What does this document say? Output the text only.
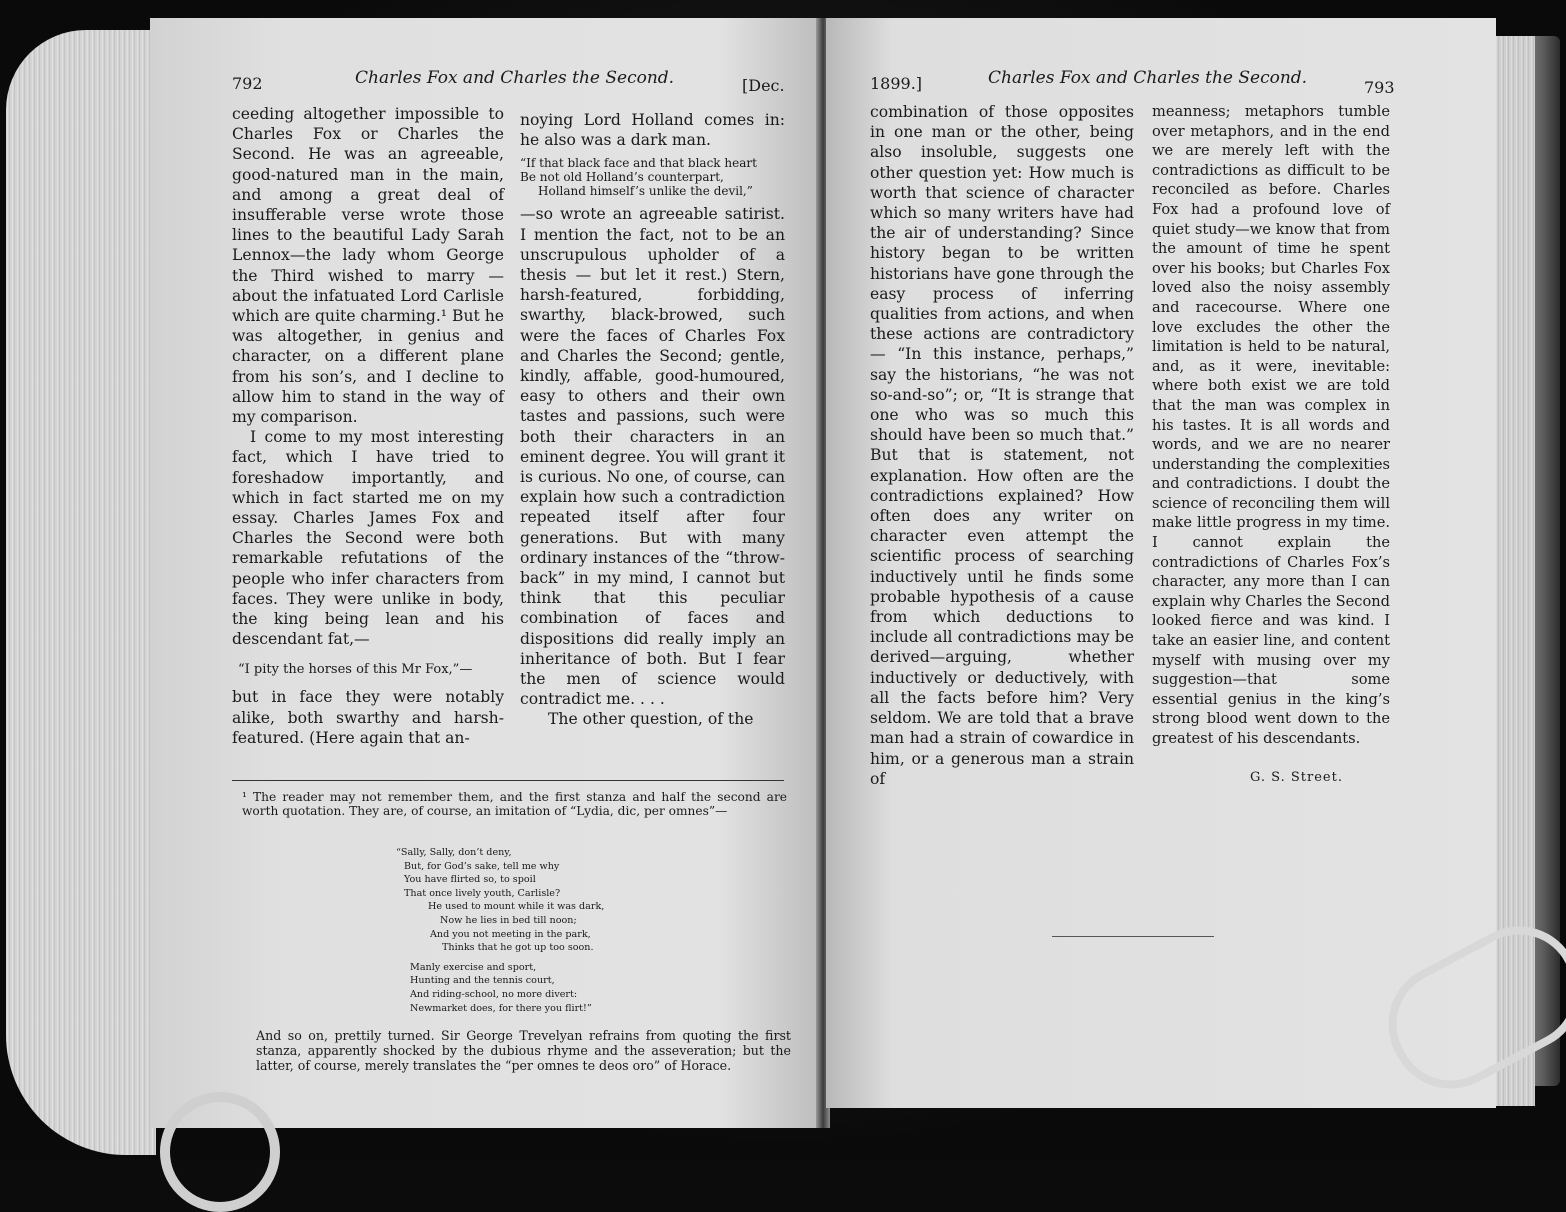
792	Charles Fox and Charles the Second.	[Dec.

ceeding altogether impossible to Charles Fox or Charles the Second. He was an agreeable, good-natured man in the main, and among a great deal of insufferable verse wrote those lines to the beautiful Lady Sarah Lennox—the lady whom George the Third wished to marry — about the infatuated Lord Carlisle which are quite charming.¹ But he was altogether, in genius and character, on a different plane from his son’s, and I decline to allow him to stand in the way of my comparison.

I come to my most interesting fact, which I have tried to foreshadow importantly, and which in fact started me on my essay. Charles James Fox and Charles the Second were both remarkable refutations of the people who infer characters from faces. They were unlike in body, the king being lean and his descendant fat,—

“I pity the horses of this Mr Fox,”—

but in face they were notably alike, both swarthy and harsh-featured. (Here again that an-

noying Lord Holland comes in: he also was a dark man.

“If that black face and that black heart
Be not old Holland’s counterpart,
Holland himself’s unlike the devil,”

—so wrote an agreeable satirist. I mention the fact, not to be an unscrupulous upholder of a thesis — but let it rest.) Stern, harsh-featured, forbidding, swarthy, black-browed, such were the faces of Charles Fox and Charles the Second; gentle, kindly, affable, good-humoured, easy to others and their own tastes and passions, such were both their characters in an eminent degree. You will grant it is curious. No one, of course, can explain how such a contradiction repeated itself after four generations. But with many ordinary instances of the “throw-back” in my mind, I cannot but think that this peculiar combination of faces and dispositions did really imply an inheritance of both. But I fear the men of science would contradict me. . . .

The other question, of the

¹ The reader may not remember them, and the first stanza and half the second are worth quotation. They are, of course, an imitation of “Lydia, dic, per omnes”—
“Sally, Sally, don’t deny,
But, for God’s sake, tell me why
You have flirted so, to spoil
That once lively youth, Carlisle?
He used to mount while it was dark,
Now he lies in bed till noon;
And you not meeting in the park,
Thinks that he got up too soon.
Manly exercise and sport,
Hunting and the tennis court,
And riding-school, no more divert:
Newmarket does, for there you flirt!”
And so on, prettily turned. Sir George Trevelyan refrains from quoting the first stanza, apparently shocked by the dubious rhyme and the asseveration; but the latter, of course, merely translates the “per omnes te deos oro” of Horace.
1899.]	Charles Fox and Charles the Second.	793
combination of those opposites in one man or the other, being also insoluble, suggests one other question yet: How much is worth that science of character which so many writers have had the air of understanding? Since history began to be written historians have gone through the easy process of inferring qualities from actions, and when these actions are contradictory — “In this instance, perhaps,” say the historians, “he was not so-and-so”; or, “It is strange that one who was so much this should have been so much that.” But that is statement, not explanation. How often are the contradictions explained? How often does any writer on character even attempt the scientific process of searching inductively until he finds some probable hypothesis of a cause from which deductions to include all contradictions may be derived—arguing, whether inductively or deductively, with all the facts before him? Very seldom. We are told that a brave man had a strain of cowardice in him, or a generous man a strain of
meanness; metaphors tumble over metaphors, and in the end we are merely left with the contradictions as difficult to be reconciled as before. Charles Fox had a profound love of quiet study—we know that from the amount of time he spent over his books; but Charles Fox loved also the noisy assembly and racecourse. Where one love excludes the other the limitation is held to be natural, and, as it were, inevitable: where both exist we are told that the man was complex in his tastes. It is all words and words, and we are no nearer understanding the complexities and contradictions. I doubt the science of reconciling them will make little progress in my time. I cannot explain the contradictions of Charles Fox’s character, any more than I can explain why Charles the Second looked fierce and was kind. I take an easier line, and content myself with musing over my suggestion—that some essential genius in the king’s strong blood went down to the greatest of his descendants.
G. S. Street.
